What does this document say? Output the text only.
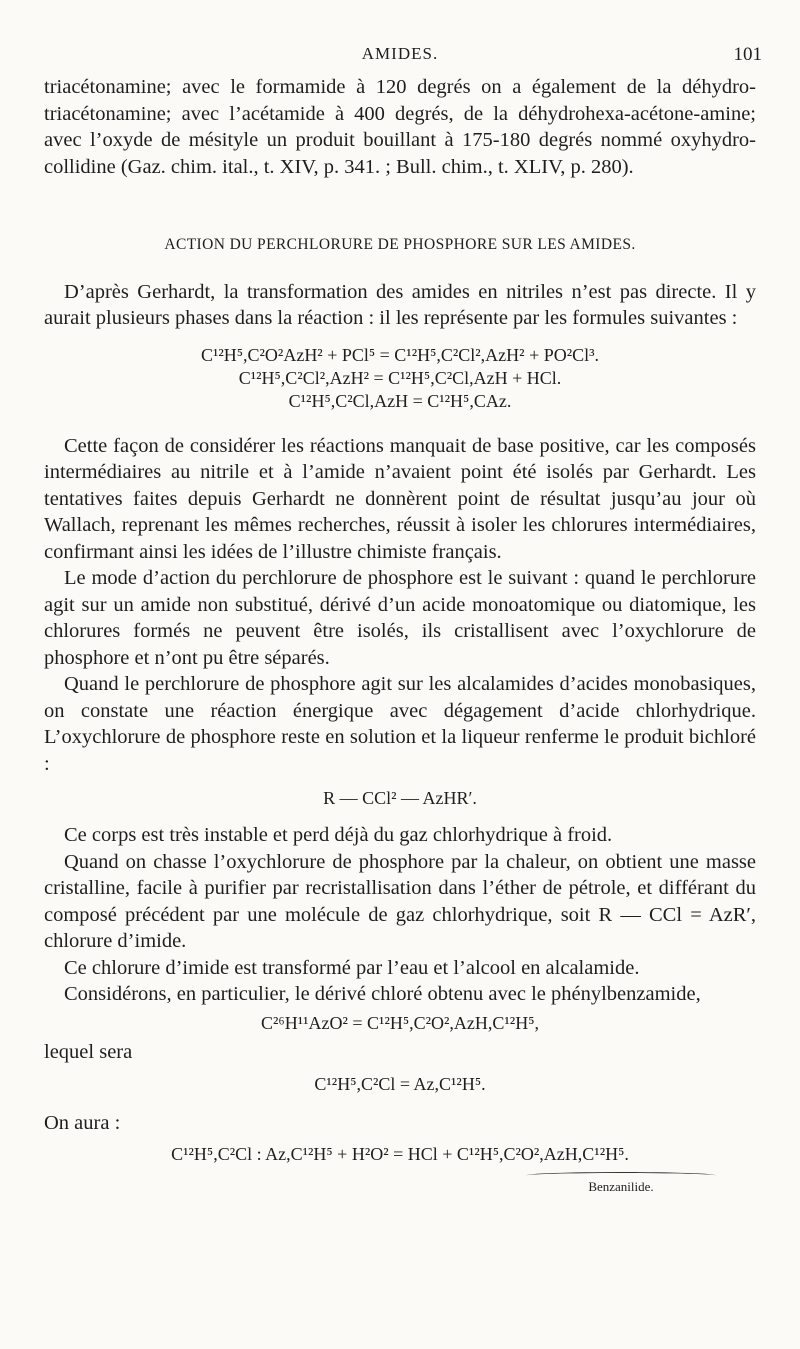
AMIDES.	101

triacétonamine; avec le formamide à 120 degrés on a également de la déhydro-triacétonamine; avec l’acétamide à 400 degrés, de la déhydrohexa-acétone-amine; avec l’oxyde de mésityle un produit bouillant à 175-180 degrés nommé oxyhydro-collidine (Gaz. chim. ital., t. XIV, p. 341. ; Bull. chim., t. XLIV, p. 280).

ACTION DU PERCHLORURE DE PHOSPHORE SUR LES AMIDES.

D’après Gerhardt, la transformation des amides en nitriles n’est pas directe. Il y aurait plusieurs phases dans la réaction : il les représente par les formules suivantes :

C¹²H⁵,C²O²AzH² + PCl⁵ = C¹²H⁵,C²Cl²,AzH² + PO²Cl³.
C¹²H⁵,C²Cl²,AzH² = C¹²H⁵,C²Cl,AzH + HCl.
C¹²H⁵,C²Cl,AzH = C¹²H⁵,CAz.

Cette façon de considérer les réactions manquait de base positive, car les composés intermédiaires au nitrile et à l’amide n’avaient point été isolés par Gerhardt. Les tentatives faites depuis Gerhardt ne donnèrent point de résultat jusqu’au jour où Wallach, reprenant les mêmes recherches, réussit à isoler les chlorures intermédiaires, confirmant ainsi les idées de l’illustre chimiste français.

Le mode d’action du perchlorure de phosphore est le suivant : quand le perchlorure agit sur un amide non substitué, dérivé d’un acide monoatomique ou diatomique, les chlorures formés ne peuvent être isolés, ils cristallisent avec l’oxychlorure de phosphore et n’ont pu être séparés.

Quand le perchlorure de phosphore agit sur les alcalamides d’acides monobasiques, on constate une réaction énergique avec dégagement d’acide chlorhydrique. L’oxychlorure de phosphore reste en solution et la liqueur renferme le produit bichloré :

R — CCl² — AzHR′.

Ce corps est très instable et perd déjà du gaz chlorhydrique à froid.

Quand on chasse l’oxychlorure de phosphore par la chaleur, on obtient une masse cristalline, facile à purifier par recristallisation dans l’éther de pétrole, et différant du composé précédent par une molécule de gaz chlorhydrique, soit R — CCl = AzR′, chlorure d’imide.

Ce chlorure d’imide est transformé par l’eau et l’alcool en alcalamide.

Considérons, en particulier, le dérivé chloré obtenu avec le phénylbenzamide,

C²⁶H¹¹AzO² = C¹²H⁵,C²O²,AzH,C¹²H⁵,

lequel sera

C¹²H⁵,C²Cl = Az,C¹²H⁵.

On aura :

C¹²H⁵,C²Cl : Az,C¹²H⁵ + H²O² = HCl + C¹²H⁵,C²O²,AzH,C¹²H⁵.
Benzanilide.
